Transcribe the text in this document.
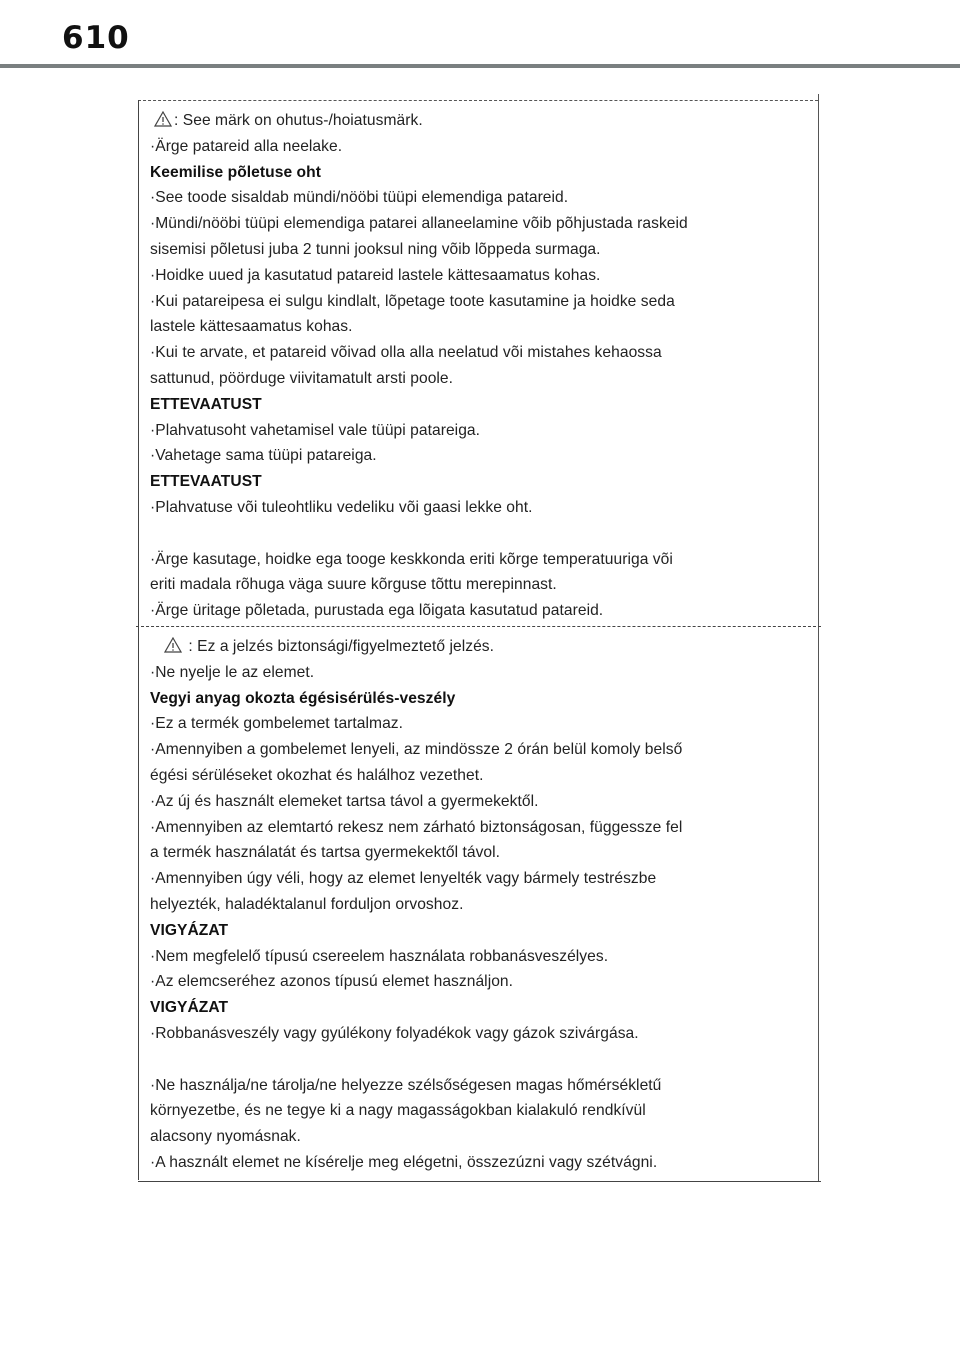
610
: See märk on ohutus-/hoiatusmärk.
·Ärge patareid alla neelake.
Keemilise põletuse oht
·See toode sisaldab mündi/nööbi tüüpi elemendiga patareid.
·Mündi/nööbi tüüpi elemendiga patarei allaneelamine võib põhjustada raskeid
sisemisi põletusi juba 2 tunni jooksul ning võib lõppeda surmaga.
·Hoidke uued ja kasutatud patareid lastele kättesaamatus kohas.
·Kui patareipesa ei sulgu kindlalt, lõpetage toote kasutamine ja hoidke seda
lastele kättesaamatus kohas.
·Kui te arvate, et patareid võivad olla alla neelatud või mistahes kehaossa
sattunud, pöörduge viivitamatult arsti poole.
ETTEVAATUST
·Plahvatusoht vahetamisel vale tüüpi patareiga.
·Vahetage sama tüüpi patareiga.
ETTEVAATUST
·Plahvatuse või tuleohtliku vedeliku või gaasi lekke oht.
·Ärge kasutage, hoidke ega tooge keskkonda eriti kõrge temperatuuriga või
eriti madala rõhuga väga suure kõrguse tõttu merepinnast.
·Ärge üritage põletada, purustada ega lõigata kasutatud patareid.
: Ez a jelzés biztonsági/figyelmeztető jelzés.
·Ne nyelje le az elemet.
Vegyi anyag okozta égésisérülés-veszély
·Ez a termék gombelemet tartalmaz.
·Amennyiben a gombelemet lenyeli, az mindössze 2 órán belül komoly belső
égési sérüléseket okozhat és halálhoz vezethet.
·Az új és használt elemeket tartsa távol a gyermekektől.
·Amennyiben az elemtartó rekesz nem zárható biztonságosan, függessze fel
a termék használatát és tartsa gyermekektől távol.
·Amennyiben úgy véli, hogy az elemet lenyelték vagy bármely testrészbe
helyezték, haladéktalanul forduljon orvoshoz.
VIGYÁZAT
·Nem megfelelő típusú csereelem használata robbanásveszélyes.
·Az elemcseréhez azonos típusú elemet használjon.
VIGYÁZAT
·Robbanásveszély vagy gyúlékony folyadékok vagy gázok szivárgása.
·Ne használja/ne tárolja/ne helyezze szélsőségesen magas hőmérsékletű
környezetbe, és ne tegye ki a nagy magasságokban kialakuló rendkívül
alacsony nyomásnak.
·A használt elemet ne kísérelje meg elégetni, összezúzni vagy szétvágni.
